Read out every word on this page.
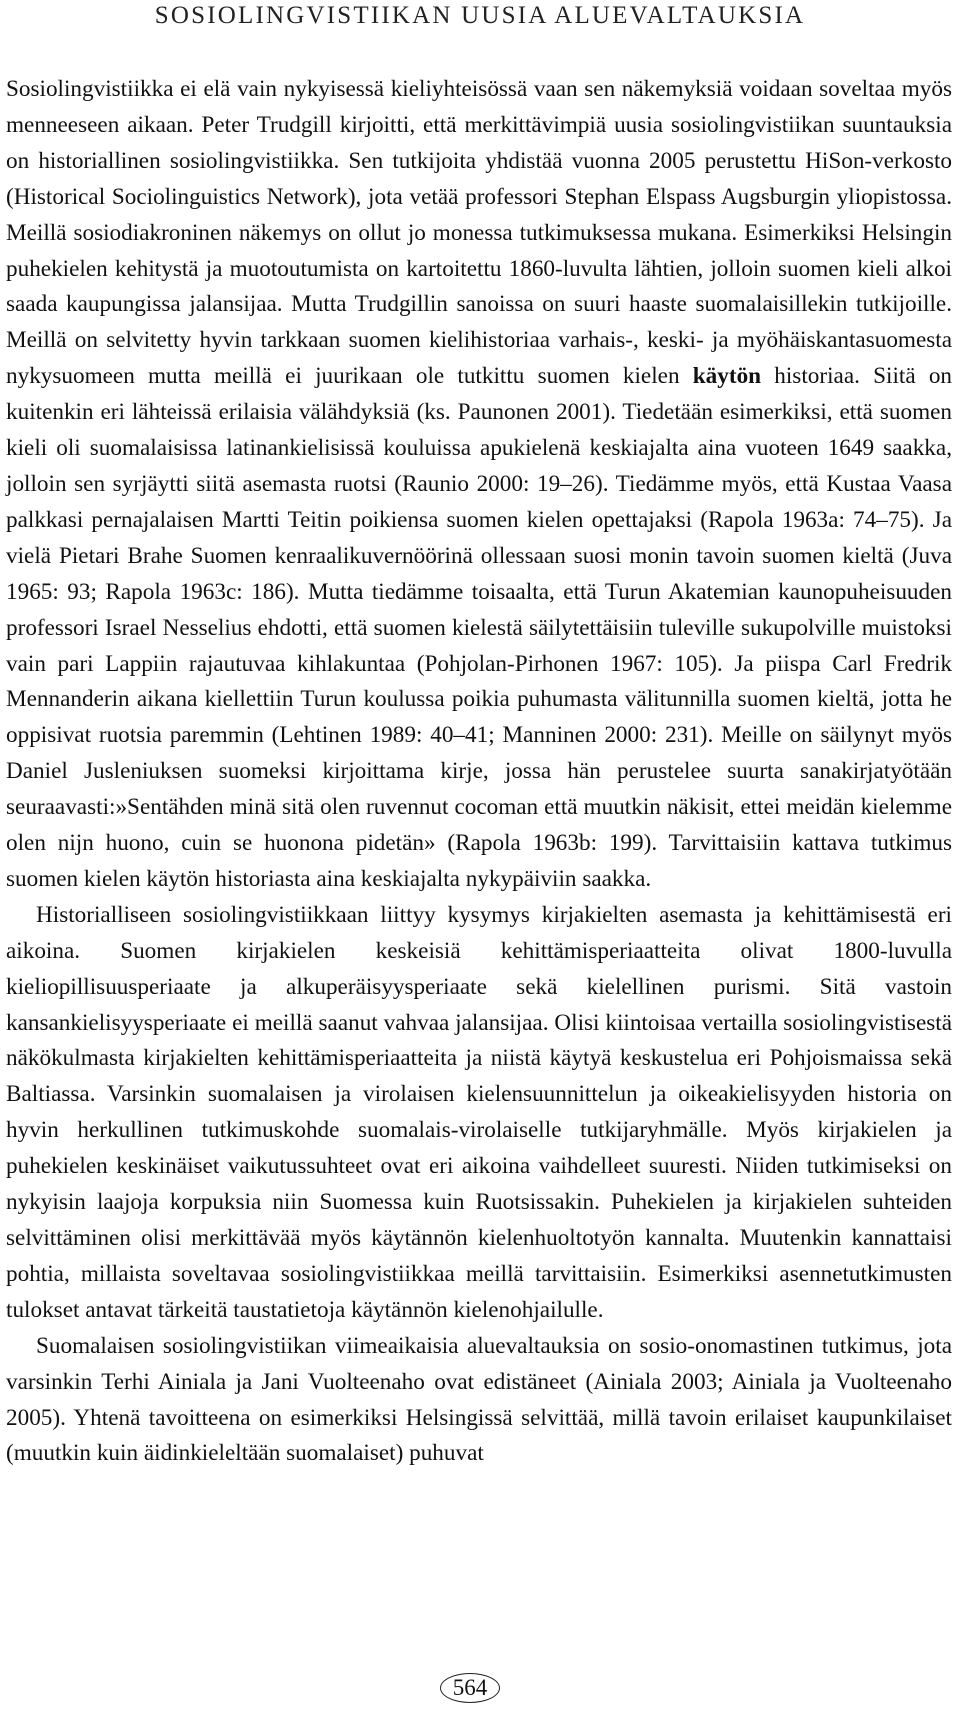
SOSIOLINGVISTIIKAN UUSIA ALUEVALTAUKSIA

Sosiolingvistiikka ei elä vain nykyisessä kieliyhteisössä vaan sen näkemyksiä voidaan soveltaa myös menneeseen aikaan. Peter Trudgill kirjoitti, että merkittävimpiä uusia sosiolingvistiikan suuntauksia on historiallinen sosiolingvistiikka. Sen tutkijoita yhdistää vuonna 2005 perustettu HiSon-verkosto (Historical Sociolinguistics Network), jota vetää professori Stephan Elspass Augsburgin yliopistossa. Meillä sosiodiakroninen näkemys on ollut jo monessa tutkimuksessa mukana. Esimerkiksi Helsingin puhekielen kehitystä ja muotoutumista on kartoitettu 1860-luvulta lähtien, jolloin suomen kieli alkoi saada kaupungissa jalansijaa. Mutta Trudgillin sanoissa on suuri haaste suomalaisillekin tutkijoille. Meillä on selvitetty hyvin tarkkaan suomen kielihistoriaa varhais-, keski- ja myöhäiskantasuomesta nykysuomeen mutta meillä ei juurikaan ole tutkittu suomen kielen käytön historiaa. Siitä on kuitenkin eri lähteissä erilaisia välähdyksiä (ks. Paunonen 2001). Tiedetään esimerkiksi, että suomen kieli oli suomalaisissa latinankielisissä kouluissa apukielenä keskiajalta aina vuoteen 1649 saakka, jolloin sen syrjäytti siitä asemasta ruotsi (Raunio 2000: 19–26). Tiedämme myös, että Kustaa Vaasa palkkasi pernajalaisen Martti Teitin poikiensa suomen kielen opettajaksi (Rapola 1963a: 74–75). Ja vielä Pietari Brahe Suomen kenraalikuvernöörinä ollessaan suosi monin tavoin suomen kieltä (Juva 1965: 93; Rapola 1963c: 186). Mutta tiedämme toisaalta, että Turun Akatemian kaunopuheisuuden professori Israel Nesselius ehdotti, että suomen kielestä säilytettäisiin tuleville sukupolville muistoksi vain pari Lappiin rajautuvaa kihlakuntaa (Pohjolan-Pirhonen 1967: 105). Ja piispa Carl Fredrik Mennanderin aikana kiellettiin Turun koulussa poikia puhumasta välitunnilla suomen kieltä, jotta he oppisivat ruotsia paremmin (Lehtinen 1989: 40–41; Manninen 2000: 231). Meille on säilynyt myös Daniel Jusleniuksen suomeksi kirjoittama kirje, jossa hän perustelee suurta sanakirjatyötään seuraavasti:»Sentähden minä sitä olen ruvennut cocoman että muutkin näkisit, ettei meidän kielemme olen nijn huono, cuin se huonona pidetän» (Rapola 1963b: 199). Tarvittaisiin kattava tutkimus suomen kielen käytön historiasta aina keskiajalta nykypäiviin saakka.

Historialliseen sosiolingvistiikkaan liittyy kysymys kirjakielten asemasta ja kehittämisestä eri aikoina. Suomen kirjakielen keskeisiä kehittämisperiaatteita olivat 1800-luvulla kieliopillisuusperiaate ja alkuperäisyysperiaate sekä kielellinen purismi. Sitä vastoin kansankielisyysperiaate ei meillä saanut vahvaa jalansijaa. Olisi kiintoisaa vertailla sosiolingvistisestä näkökulmasta kirjakielten kehittämisperiaatteita ja niistä käytyä keskustelua eri Pohjoismaissa sekä Baltiassa. Varsinkin suomalaisen ja virolaisen kielensuunnittelun ja oikeakielisyyden historia on hyvin herkullinen tutkimuskohde suomalais-virolaiselle tutkijaryhmälle. Myös kirjakielen ja puhekielen keskinäiset vaikutussuhteet ovat eri aikoina vaihdelleet suuresti. Niiden tutkimiseksi on nykyisin laajoja korpuksia niin Suomessa kuin Ruotsissakin. Puhekielen ja kirjakielen suhteiden selvittäminen olisi merkittävää myös käytännön kielenhuoltotyön kannalta. Muutenkin kannattaisi pohtia, millaista soveltavaa sosiolingvistiikkaa meillä tarvittaisiin. Esimerkiksi asennetutkimusten tulokset antavat tärkeitä taustatietoja käytännön kielenohjailulle.

Suomalaisen sosiolingvistiikan viimeaikaisia aluevaltauksia on sosio-onomastinen tutkimus, jota varsinkin Terhi Ainiala ja Jani Vuolteenaho ovat edistäneet (Ainiala 2003; Ainiala ja Vuolteenaho 2005). Yhtenä tavoitteena on esimerkiksi Helsingissä selvittää, millä tavoin erilaiset kaupunkilaiset (muutkin kuin äidinkieleltään suomalaiset) puhuvat

564
